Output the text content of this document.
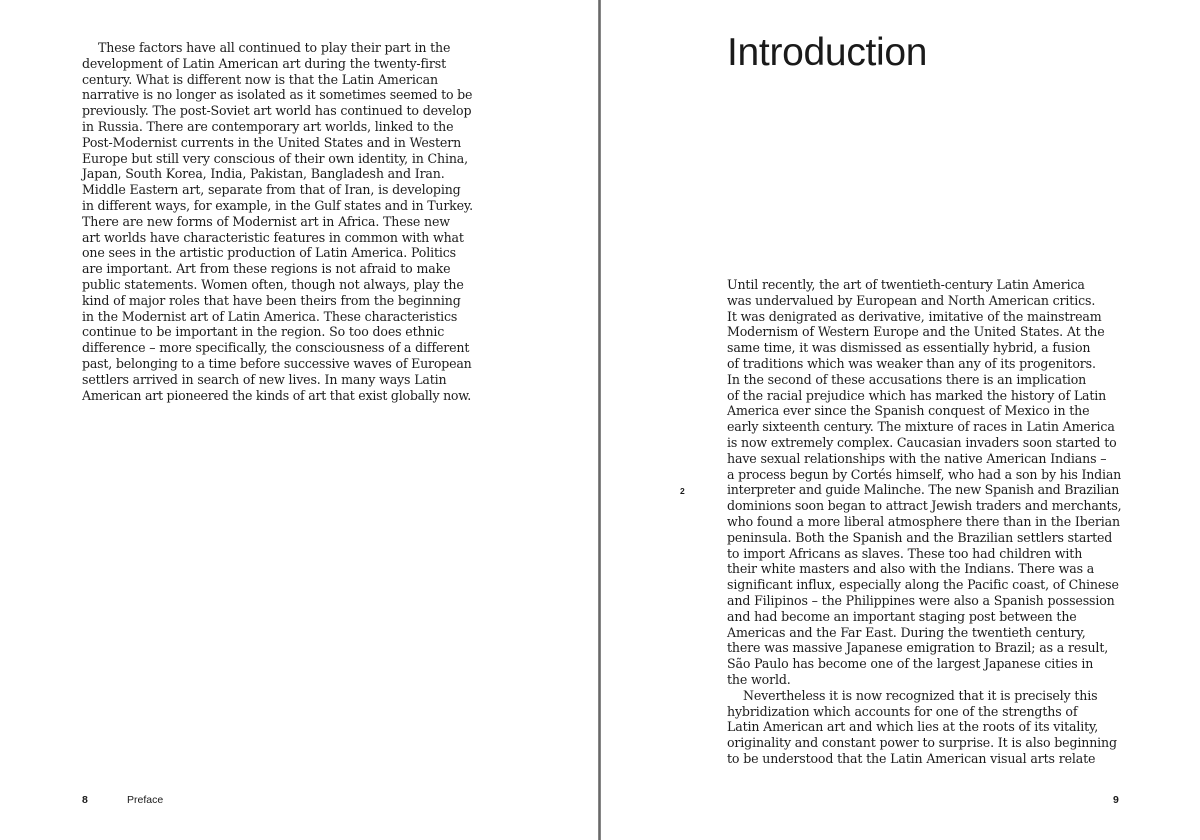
These factors have all continued to play their part in the
development of Latin American art during the twenty-first
century. What is different now is that the Latin American
narrative is no longer as isolated as it sometimes seemed to be
previously. The post-Soviet art world has continued to develop
in Russia. There are contemporary art worlds, linked to the
Post-Modernist currents in the United States and in Western
Europe but still very conscious of their own identity, in China,
Japan, South Korea, India, Pakistan, Bangladesh and Iran.
Middle Eastern art, separate from that of Iran, is developing
in different ways, for example, in the Gulf states and in Turkey.
There are new forms of Modernist art in Africa. These new
art worlds have characteristic features in common with what
one sees in the artistic production of Latin America. Politics
are important. Art from these regions is not afraid to make
public statements. Women often, though not always, play the
kind of major roles that have been theirs from the beginning
in the Modernist art of Latin America. These characteristics
continue to be important in the region. So too does ethnic
difference – more specifically, the consciousness of a different
past, belonging to a time before successive waves of European
settlers arrived in search of new lives. In many ways Latin
American art pioneered the kinds of art that exist globally now.
8	Preface
Introduction
2
Until recently, the art of twentieth-century Latin America
was undervalued by European and North American critics.
It was denigrated as derivative, imitative of the mainstream
Modernism of Western Europe and the United States. At the
same time, it was dismissed as essentially hybrid, a fusion
of traditions which was weaker than any of its progenitors.
In the second of these accusations there is an implication
of the racial prejudice which has marked the history of Latin
America ever since the Spanish conquest of Mexico in the
early sixteenth century. The mixture of races in Latin America
is now extremely complex. Caucasian invaders soon started to
have sexual relationships with the native American Indians –
a process begun by Cortés himself, who had a son by his Indian
interpreter and guide Malinche. The new Spanish and Brazilian
dominions soon began to attract Jewish traders and merchants,
who found a more liberal atmosphere there than in the Iberian
peninsula. Both the Spanish and the Brazilian settlers started
to import Africans as slaves. These too had children with
their white masters and also with the Indians. There was a
significant influx, especially along the Pacific coast, of Chinese
and Filipinos – the Philippines were also a Spanish possession
and had become an important staging post between the
Americas and the Far East. During the twentieth century,
there was massive Japanese emigration to Brazil; as a result,
São Paulo has become one of the largest Japanese cities in
the world.
Nevertheless it is now recognized that it is precisely this
hybridization which accounts for one of the strengths of
Latin American art and which lies at the roots of its vitality,
originality and constant power to surprise. It is also beginning
to be understood that the Latin American visual arts relate
9
